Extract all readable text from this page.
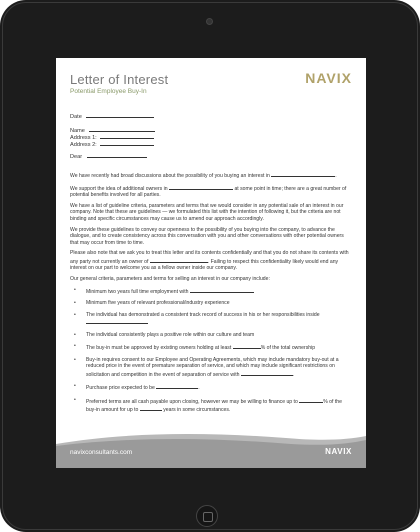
Letter of Interest
Potential Employee Buy-In
NAVIX
Date
Name
Address 1:
Address 2:
Dear

We have recently had broad discussions about the possibility of you buying an interest in	.

We support the idea of additional owners in	at some point in time; there are a great number of potential benefits involved for all parties.

We have a list of guideline criteria, parameters and terms that we would consider in any potential sale of an interest in our company. Note that these are guidelines — we formulated this list with the intention of following it, but the criteria are not binding and specific circumstances may cause us to amend our approach accordingly.

We provide these guidelines to convey our openness to the possibility of you buying into the company, to advance the dialogue, and to create consistency across this conversation with you and other conversations with other potential owners that may occur from time to time.

Please also note that we ask you to treat this letter and its contents confidentially and that you do not share its contents with any party not currently an owner of	. Failing to respect this confidentiality likely would end any interest on our part to welcome you as a fellow owner inside our company.

Our general criteria, parameters and terms for selling an interest in our company include:

• Minimum two years full time employment with
• Minimum five years of relevant professional/industry experience
• The individual has demonstrated a consistent track record of success in his or her responsibilities inside
• The individual consistently plays a positive role within our culture and team
• The buy-in must be approved by existing owners holding at least	% of the total ownership
• Buy-in requires consent to our Employee and Operating Agreements, which may include mandatory buy-out at a reduced price in the event of premature separation of service, and which may include significant restrictions on solicitation and competition in the event of separation of service with	.
• Purchase price expected to be	.
• Preferred terms are all cash payable upon closing, however we may be willing to finance up to	% of the buy-in amount for up to	years in some circumstances.
navixconsultants.com	NAVIX
